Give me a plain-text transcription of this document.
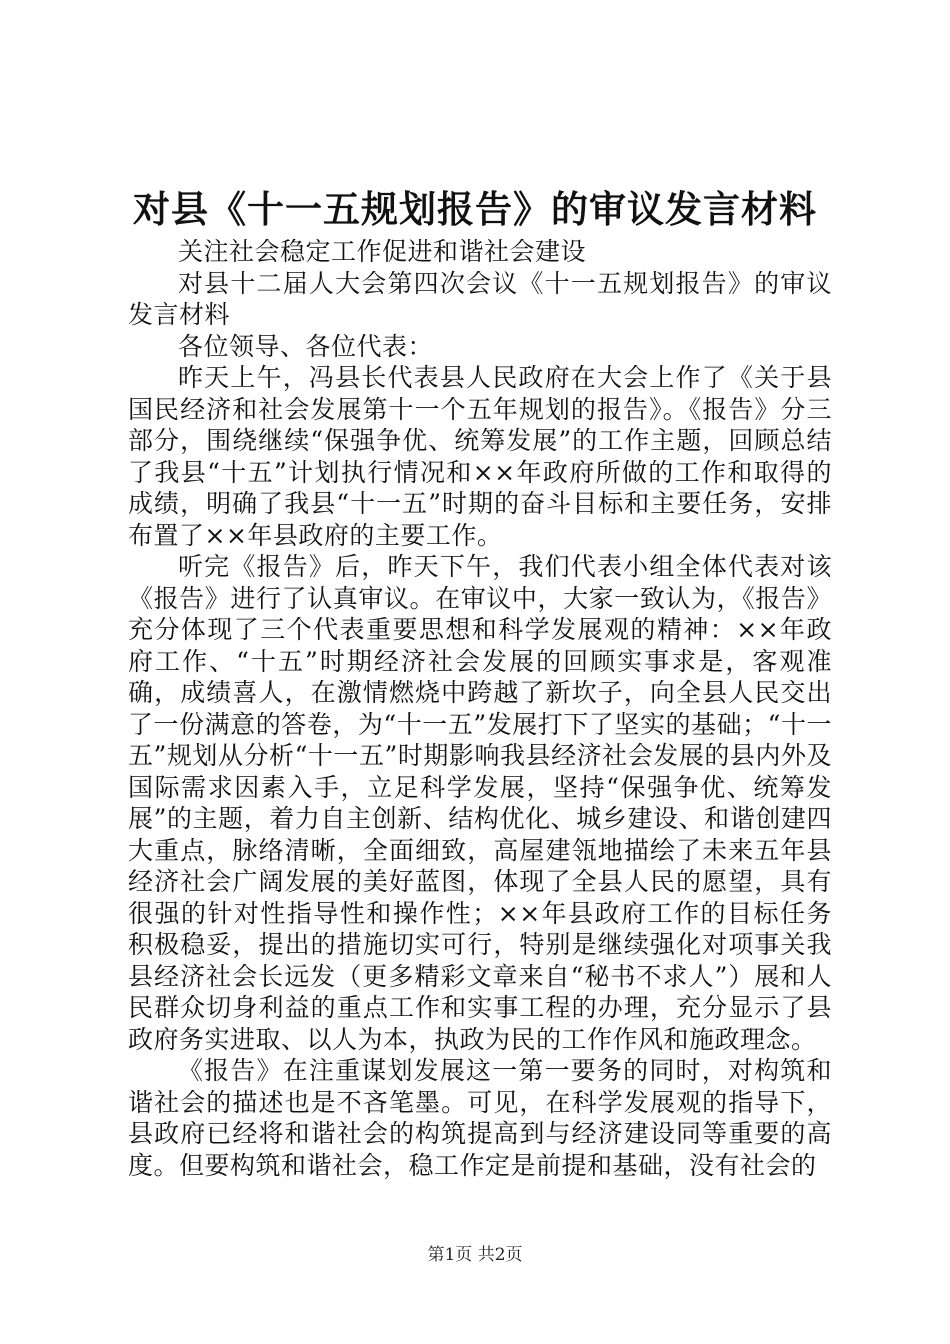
对县《十一五规划报告》的审议发言材料

关注社会稳定工作促进和谐社会建设

对县十二届人大会第四次会议《十一五规划报告》的审议发言材料

各位领导、各位代表：

昨天上午，冯县长代表县人民政府在大会上作了《关于县国民经济和社会发展第十一个五年规划的报告》。《报告》分三部分，围绕继续“保强争优、统筹发展”的工作主题，回顾总结了我县“十五”计划执行情况和××年政府所做的工作和取得的成绩，明确了我县“十一五”时期的奋斗目标和主要任务，安排布置了××年县政府的主要工作。

听完《报告》后，昨天下午，我们代表小组全体代表对该《报告》进行了认真审议。在审议中，大家一致认为，《报告》充分体现了三个代表重要思想和科学发展观的精神：××年政府工作、“十五”时期经济社会发展的回顾实事求是，客观准确，成绩喜人，在激情燃烧中跨越了新坎子，向全县人民交出了一份满意的答卷，为“十一五”发展打下了坚实的基础；“十一五”规划从分析“十一五”时期影响我县经济社会发展的县内外及国际需求因素入手，立足科学发展，坚持“保强争优、统筹发展”的主题，着力自主创新、结构优化、城乡建设、和谐创建四大重点，脉络清晰，全面细致，高屋建瓴地描绘了未来五年县经济社会广阔发展的美好蓝图，体现了全县人民的愿望，具有很强的针对性指导性和操作性；××年县政府工作的目标任务积极稳妥，提出的措施切实可行，特别是继续强化对项事关我县经济社会长远发（更多精彩文章来自“秘书不求人”）展和人民群众切身利益的重点工作和实事工程的办理，充分显示了县政府务实进取、以人为本，执政为民的工作作风和施政理念。

《报告》在注重谋划发展这一第一要务的同时，对构筑和谐社会的描述也是不吝笔墨。可见，在科学发展观的指导下，县政府已经将和谐社会的构筑提高到与经济建设同等重要的高度。但要构筑和谐社会，稳工作定是前提和基础，没有社会的

第1页 共2页
